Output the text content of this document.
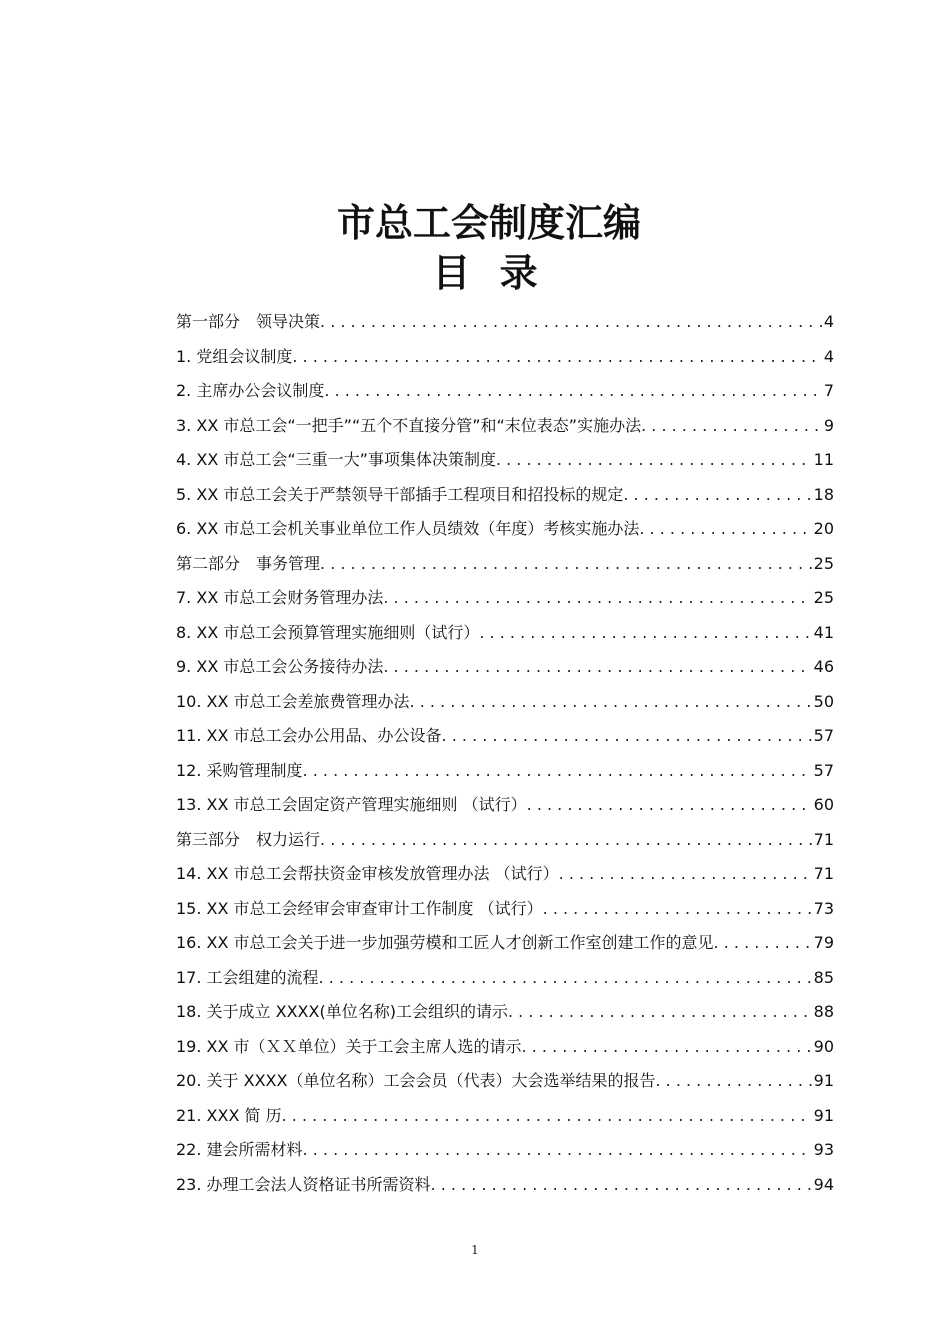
市总工会制度汇编
目 录
第一部分　领导决策 . . .	4
1. 党组会议制度 . . .	4
2. 主席办公会议制度 . . .	7
3. XX 市总工会“一把手”“五个不直接分管”和“末位表态”实施办法 . . .	9
4. XX 市总工会“三重一大”事项集体决策制度 . . .	11
5. XX 市总工会关于严禁领导干部插手工程项目和招投标的规定 . . .	18
6. XX 市总工会机关事业单位工作人员绩效（年度）考核实施办法 . . .	20
第二部分　事务管理 . . .	25
7. XX 市总工会财务管理办法 . . .	25
8. XX 市总工会预算管理实施细则（试行） . . .	41
9. XX 市总工会公务接待办法 . . .	46
10. XX 市总工会差旅费管理办法 . . .	50
11. XX 市总工会办公用品、办公设备 . . .	57
12. 采购管理制度 . . .	57
13. XX 市总工会固定资产管理实施细则 （试行） . . .	60
第三部分　权力运行 . . .	71
14. XX 市总工会帮扶资金审核发放管理办法 （试行） . . .	71
15. XX 市总工会经审会审查审计工作制度 （试行） . . .	73
16. XX 市总工会关于进一步加强劳模和工匠人才创新工作室创建工作的意见 . . .	79
17. 工会组建的流程 . . .	85
18. 关于成立 XXXX(单位名称)工会组织的请示 . . .	88
19. XX 市（ＸＸ单位）关于工会主席人选的请示 . . .	90
20. 关于 XXXX（单位名称）工会会员（代表）大会选举结果的报告 . . .	91
21. XXX 简 历 . . .	91
22. 建会所需材料 . . .	93
23. 办理工会法人资格证书所需资料 . . .	94
1
